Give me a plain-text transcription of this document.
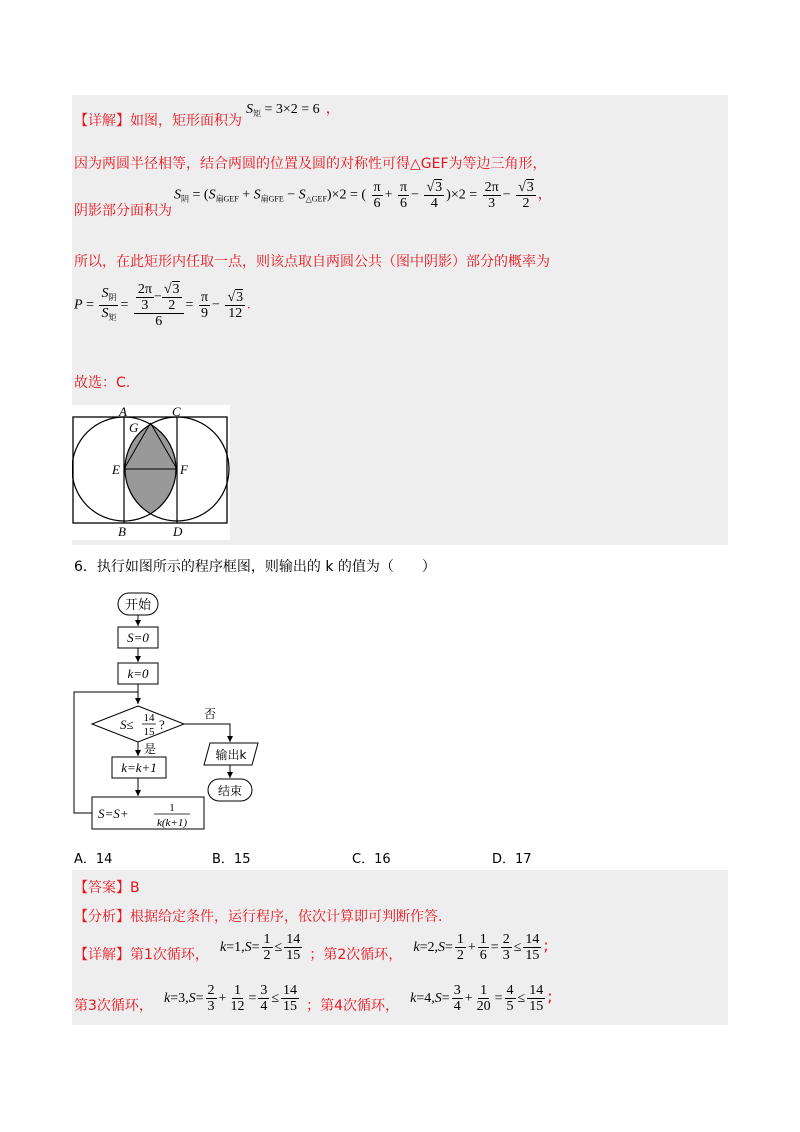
【详解】如图，矩形面积为
$S_矩 = 3\times 2 = 6$ ，
因为两圆半径相等，结合两圆的位置及圆的对称性可得△GEF为等边三角形，
阴影部分面积为
$S_阴 = (S_{扇GEF} + S_{扇GFE} - S_{\triangle GEF})\times 2$ = ( $\frac{\pi}{6} + \frac{\pi}{6} - \frac{√3}{4} )\times 2 = \frac{2\pi}{3} - \frac{√3}{2}$ ，
所以，在此矩形内任取一点，则该点取自两圆公共（图中阴影）部分的概率为
$P = \frac{S_阴}{S_矩} = \frac{\frac{2\pi}{3} - \frac{√3}{2}}{6} = \frac{\pi}{9} - \frac{√3}{12}$ .
故选：C.
A	C
G
E	F
B	D
6．执行如图所示的程序框图，则输出的 k 的值为（　　）
开始
S=0
k=0
S≤ 14
15 ?
否
输出k
结束
是
k=k+1
S=S+	1
k(k+1)
A．14	B．15	C．16	D．17
【答案】B
【分析】根据给定条件，运行程序，依次计算即可判断作答.
【详解】第1次循环， $k=1,S= \frac{1}{2} \le \frac{14}{15}$ ；第2次循环， $k=2,S= \frac{1}{2} + \frac{1}{6} = \frac{2}{3} \le \frac{14}{15}$ ;
第3次循环， $k=3,S= \frac{2}{3} + \frac{1}{12} = \frac{3}{4} \le \frac{14}{15}$ ；第4次循环， $k=4,S= \frac{3}{4} + \frac{1}{20} = \frac{4}{5} \le \frac{14}{15}$ ;
